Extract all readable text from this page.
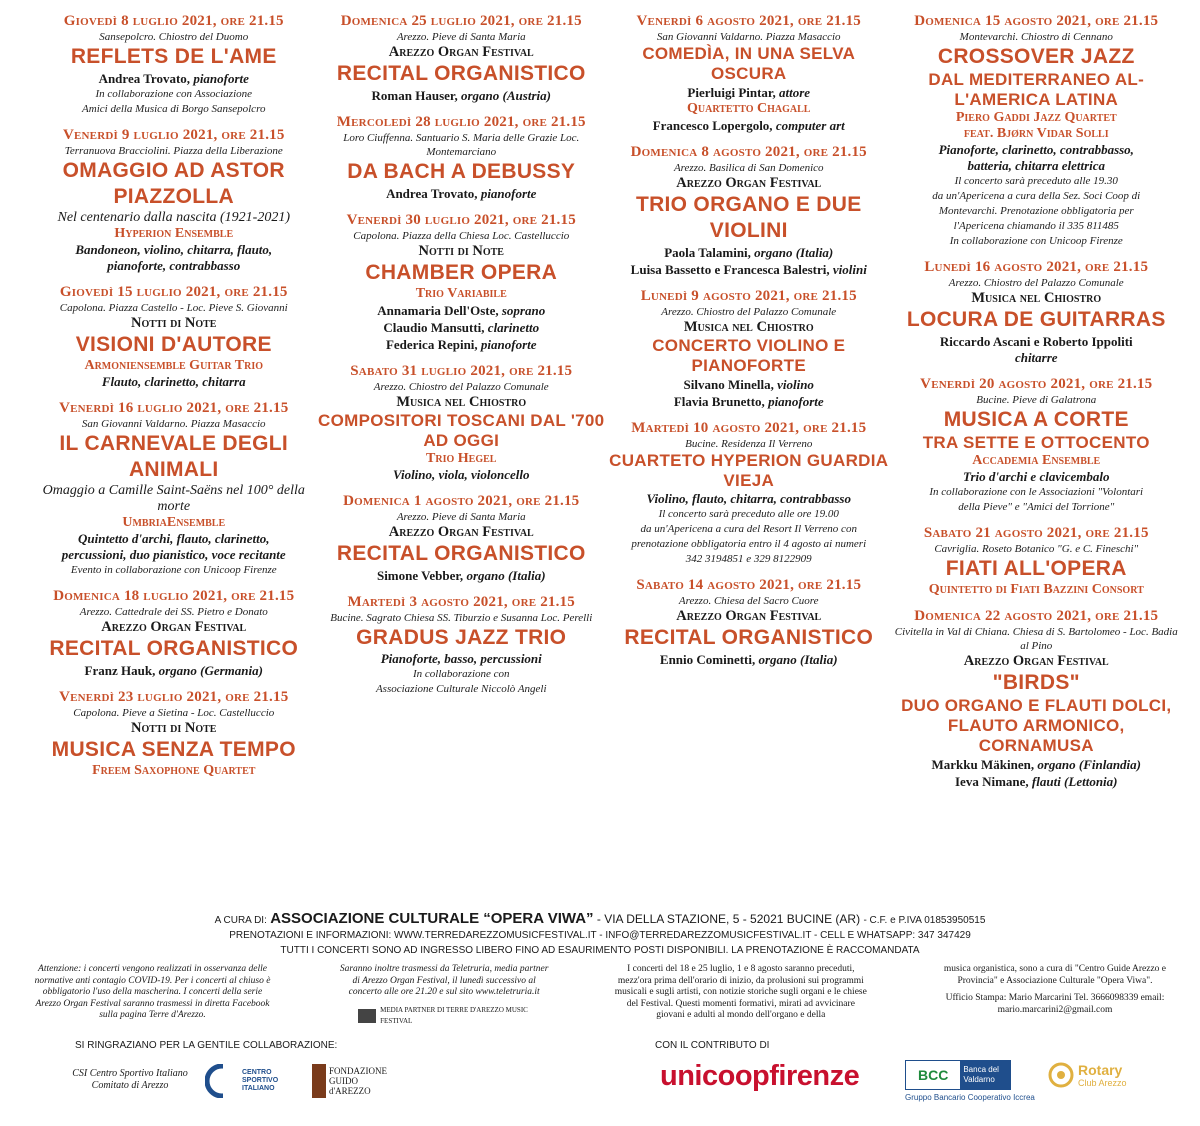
Giovedì 8 luglio 2021, ore 21.15
Sansepolcro. Chiostro del Duomo
REFLETS DE L'AME
Andrea Trovato, pianoforte
In collaborazione con Associazione
Amici della Musica di Borgo Sansepolcro
Venerdì 9 luglio 2021, ore 21.15
Terranuova Bracciolini. Piazza della Liberazione
OMAGGIO AD ASTOR PIAZZOLLA
Nel centenario dalla nascita (1921-2021)
Hyperion Ensemble
Bandoneon, violino, chitarra, flauto,
pianoforte, contrabbasso
Giovedì 15 luglio 2021, ore 21.15
Capolona. Piazza Castello - Loc. Pieve S. Giovanni
Notti di Note
VISIONI D'AUTORE
Armoniensemble Guitar Trio
Flauto, clarinetto, chitarra
Venerdì 16 luglio 2021, ore 21.15
San Giovanni Valdarno. Piazza Masaccio
IL CARNEVALE DEGLI ANIMALI
Omaggio a Camille Saint-Saëns nel 100° della morte
UmbriaEnsemble
Quintetto d'archi, flauto, clarinetto,
percussioni, duo pianistico, voce recitante
Evento in collaborazione con Unicoop Firenze
Domenica 18 luglio 2021, ore 21.15
Arezzo. Cattedrale dei SS. Pietro e Donato
Arezzo Organ Festival
RECITAL ORGANISTICO
Franz Hauk, organo (Germania)
Venerdì 23 luglio 2021, ore 21.15
Capolona. Pieve a Sietina - Loc. Castelluccio
Notti di Note
MUSICA SENZA TEMPO
Freem Saxophone Quartet
Domenica 25 luglio 2021, ore 21.15
Arezzo. Pieve di Santa Maria
Arezzo Organ Festival
RECITAL ORGANISTICO
Roman Hauser, organo (Austria)
Mercoledì 28 luglio 2021, ore 21.15
Loro Ciuffenna. Santuario S. Maria delle Grazie Loc. Montemarciano
DA BACH A DEBUSSY
Andrea Trovato, pianoforte
Venerdì 30 luglio 2021, ore 21.15
Capolona. Piazza della Chiesa Loc. Castelluccio
Notti di Note
CHAMBER OPERA
Trio Variabile
Annamaria Dell'Oste, soprano
Claudio Mansutti, clarinetto
Federica Repini, pianoforte
Sabato 31 luglio 2021, ore 21.15
Arezzo. Chiostro del Palazzo Comunale
Musica nel Chiostro
COMPOSITORI TOSCANI DAL '700 AD OGGI
Trio Hegel
Violino, viola, violoncello
Domenica 1 agosto 2021, ore 21.15
Arezzo. Pieve di Santa Maria
Arezzo Organ Festival
RECITAL ORGANISTICO
Simone Vebber, organo (Italia)
Martedì 3 agosto 2021, ore 21.15
Bucine. Sagrato Chiesa SS. Tiburzio e Susanna Loc. Perelli
GRADUS JAZZ TRIO
Pianoforte, basso, percussioni
In collaborazione con
Associazione Culturale Niccolò Angeli
Venerdì 6 agosto 2021, ore 21.15
San Giovanni Valdarno. Piazza Masaccio
COMEDÌA, IN UNA SELVA OSCURA
Pierluigi Pintar, attore
Quartetto Chagall
Francesco Lopergolo, computer art
Domenica 8 agosto 2021, ore 21.15
Arezzo. Basilica di San Domenico
Arezzo Organ Festival
TRIO ORGANO E DUE VIOLINI
Paola Talamini, organo (Italia)
Luisa Bassetto e Francesca Balestri, violini
Lunedì 9 agosto 2021, ore 21.15
Arezzo. Chiostro del Palazzo Comunale
Musica nel Chiostro
CONCERTO VIOLINO E PIANOFORTE
Silvano Minella, violino
Flavia Brunetto, pianoforte
Martedì 10 agosto 2021, ore 21.15
Bucine. Residenza Il Verreno
CUARTETO HYPERION GUARDIA VIEJA
Violino, flauto, chitarra, contrabbasso
Il concerto sarà preceduto alle ore 19.00
da un'Apericena a cura del Resort Il Verreno con
prenotazione obbligatoria entro il 4 agosto ai numeri
342 3194851 e 329 8122909
Sabato 14 agosto 2021, ore 21.15
Arezzo. Chiesa del Sacro Cuore
Arezzo Organ Festival
RECITAL ORGANISTICO
Ennio Cominetti, organo (Italia)
Domenica 15 agosto 2021, ore 21.15
Montevarchi. Chiostro di Cennano
CROSSOVER JAZZ
DAL MEDITERRANEO AL-L'AMERICA LATINA
Piero Gaddi Jazz Quartet
feat. Bjørn Vidar Solli
Pianoforte, clarinetto, contrabbasso,
batteria, chitarra elettrica
Il concerto sarà preceduto alle 19.30
da un'Apericena a cura della Sez. Soci Coop di
Montevarchi. Prenotazione obbligatoria per
l'Apericena chiamando il 335 811485
In collaborazione con Unicoop Firenze
Lunedì 16 agosto 2021, ore 21.15
Arezzo. Chiostro del Palazzo Comunale
Musica nel Chiostro
LOCURA DE GUITARRAS
Riccardo Ascani e Roberto Ippoliti
chitarre
Venerdì 20 agosto 2021, ore 21.15
Bucine. Pieve di Galatrona
MUSICA A CORTE
TRA SETTE E OTTOCENTO
Accademia Ensemble
Trio d'archi e clavicembalo
In collaborazione con le Associazioni "Volontari
della Pieve" e "Amici del Torrione"
Sabato 21 agosto 2021, ore 21.15
Cavriglia. Roseto Botanico "G. e C. Fineschi"
FIATI ALL'OPERA
Quintetto di Fiati Bazzini Consort
Domenica 22 agosto 2021, ore 21.15
Civitella in Val di Chiana. Chiesa di S. Bartolomeo - Loc. Badia al Pino
Arezzo Organ Festival
"BIRDS"
DUO ORGANO E FLAUTI DOLCI, FLAUTO ARMONICO, CORNAMUSA
Markku Mäkinen, organo (Finlandia)
Ieva Nimane, flauti (Lettonia)
A CURA DI: ASSOCIAZIONE CULTURALE “OPERA VIWA” - VIA DELLA STAZIONE, 5 - 52021 BUCINE (AR) - C.F. e P.IVA 01853950515
PRENOTAZIONI E INFORMAZIONI: WWW.TERREDAREZZOMUSICFESTIVAL.IT - INFO@TERREDAREZZOMUSICFESTIVAL.IT - CELL E WHATSAPP: 347 347429
TUTTI I CONCERTI SONO AD INGRESSO LIBERO FINO AD ESAURIMENTO POSTI DISPONIBILI. LA PRENOTAZIONE È RACCOMANDATA
Attenzione: i concerti vengono realizzati in osservanza delle normative anti contagio COVID-19. Per i concerti al chiuso è obbligatorio l'uso della mascherina. I concerti della serie Arezzo Organ Festival saranno trasmessi in diretta Facebook sulla pagina Terre d'Arezzo.
Saranno inoltre trasmessi da Teletruria, media partner di Arezzo Organ Festival, il lunedì successivo al concerto alle ore 21.20 e sul sito www.teletruria.it
MEDIA PARTNER DI TERRE D'AREZZO MUSIC FESTIVAL
I concerti del 18 e 25 luglio, 1 e 8 agosto saranno preceduti, mezz'ora prima dell'orario di inizio, da prolusioni sui programmi musicali e sugli artisti, con notizie storiche sugli organi e le chiese del Festival. Questi momenti formativi, mirati ad avvicinare giovani e adulti al mondo dell'organo e della
musica organistica, sono a cura di "Centro Guide Arezzo e Provincia" e Associazione Culturale "Opera Viwa".
Ufficio Stampa: Mario Marcarini Tel. 3666098339 email: mario.marcarini2@gmail.com
SI RINGRAZIANO PER LA GENTILE COLLABORAZIONE:	CON IL CONTRIBUTO DI
CSI Centro Sportivo Italiano Comitato di Arezzo
CENTRO SPORTIVO ITALIANO
FONDAZIONE GUIDO d'AREZZO	unicoopfirenze	BCC	Banca del Valdarno
Gruppo Bancario Cooperativo Iccrea
Rotary
Club Arezzo
